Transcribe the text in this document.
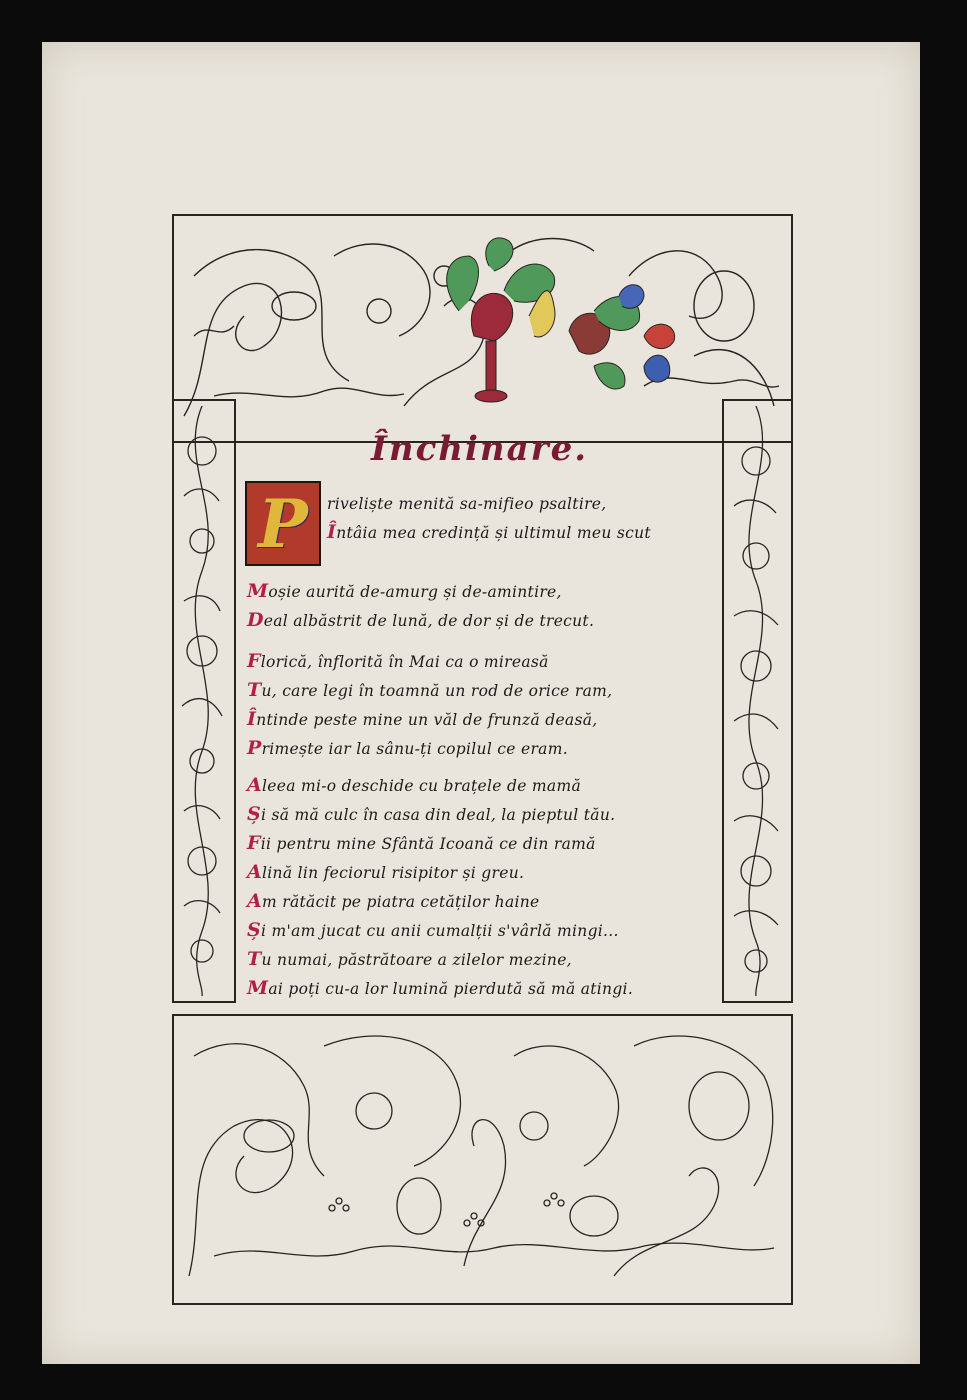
Închinare.
P	riveliște menită sa-mifieo psaltire,
Întâia mea credință și ultimul meu scut
Moșie aurită de-amurg și de-amintire,
Deal albăstrit de lună, de dor și de trecut.
Florică, înflorită în Mai ca o mireasă
Tu, care legi în toamnă un rod de orice ram,
Întinde peste mine un văl de frunză deasă,
Primește iar la sânu-ți copilul ce eram.
Aleea mi-o deschide cu brațele de mamă
Și să mă culc în casa din deal, la pieptul tău.
Fii pentru mine Sfântă Icoană ce din ramă
Alină lin feciorul risipitor și greu.
Am rătăcit pe piatra cetăților haine
Și m'am jucat cu anii cumalții s'vârlă mingi...
Tu numai, păstrătoare a zilelor mezine,
Mai poți cu-a lor lumină pierdută să mă atingi.
